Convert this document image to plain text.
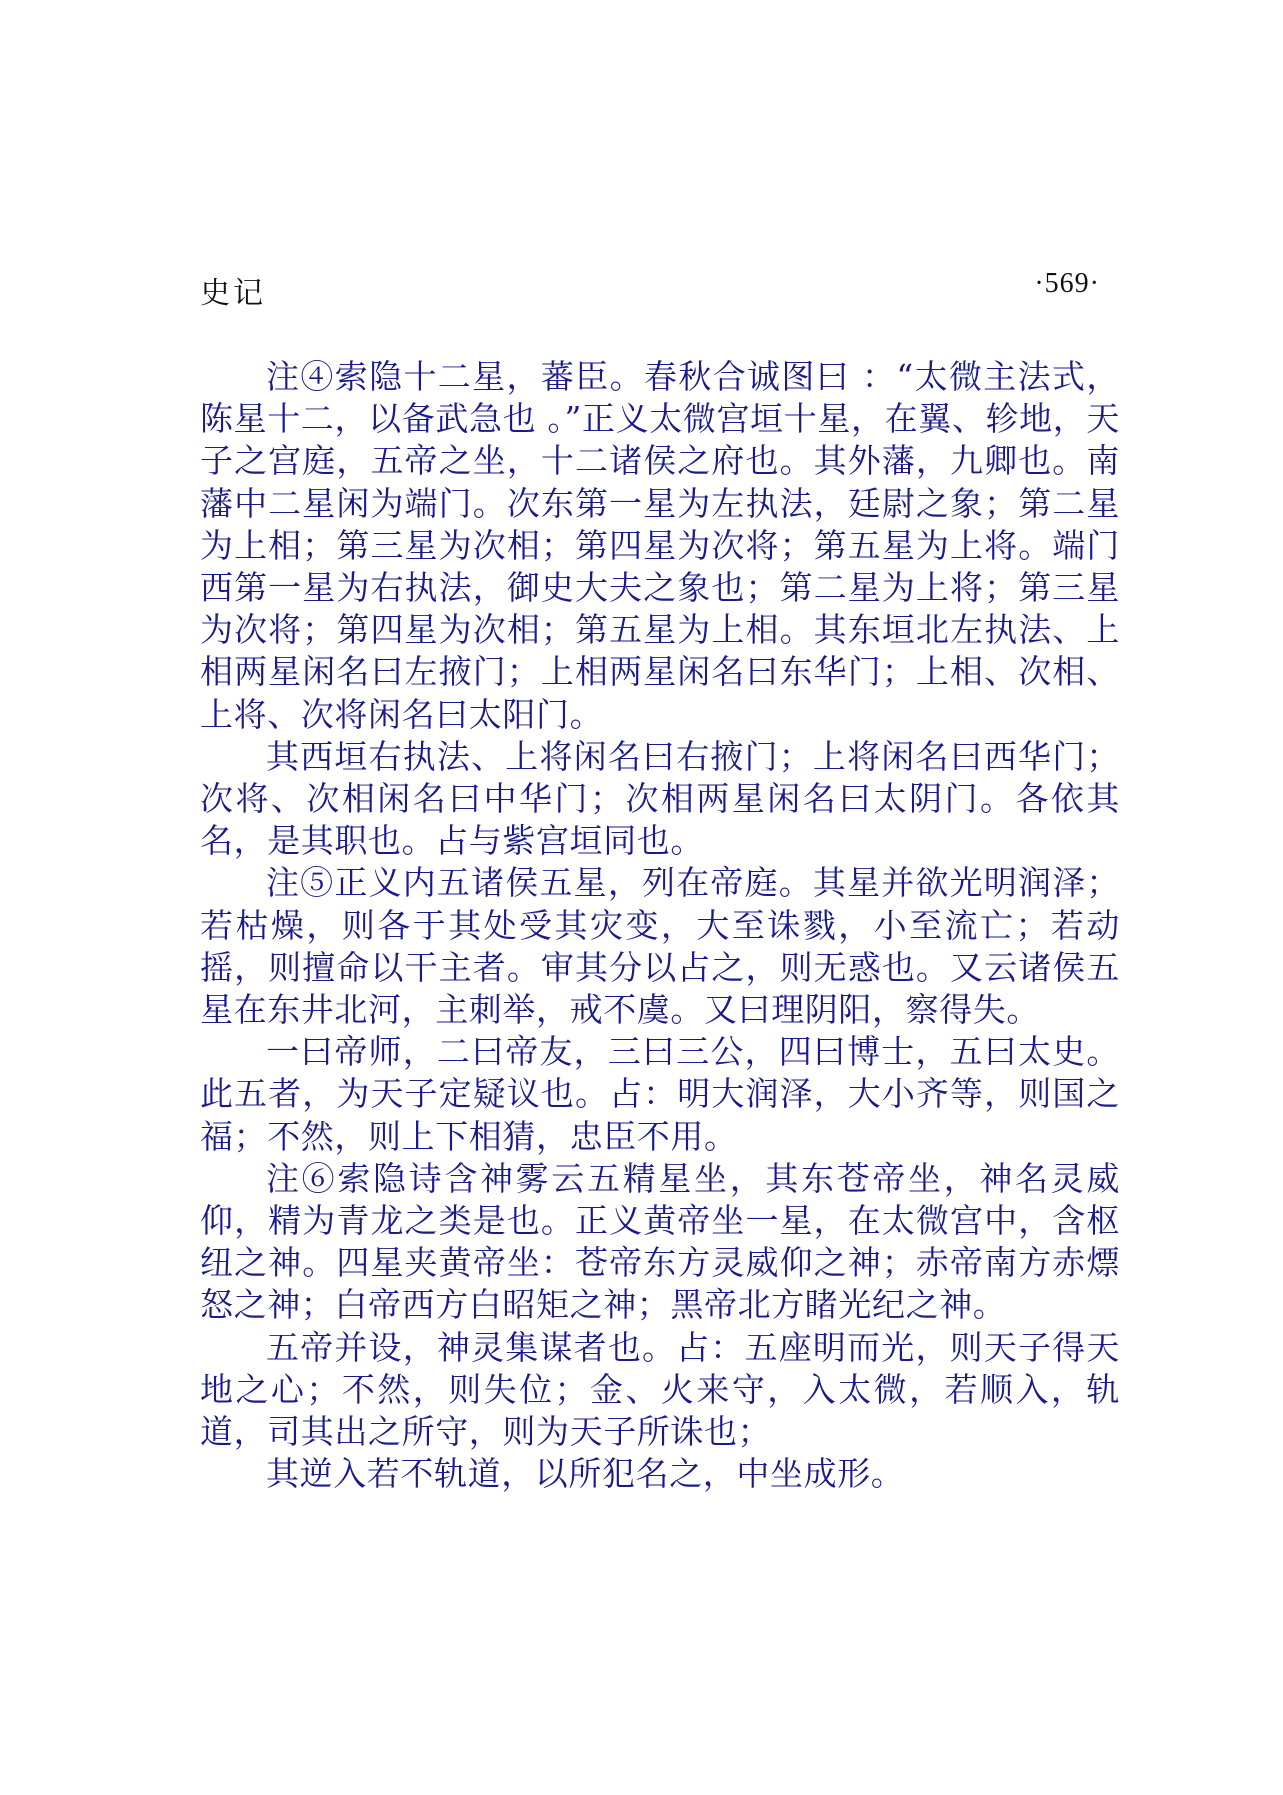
史记	·569·

注④索隐十二星，蕃臣。春秋合诚图曰 ：“太微主法式，陈星十二，以备武急也 。”正义太微宫垣十星，在翼、轸地，天子之宫庭，五帝之坐，十二诸侯之府也。其外藩，九卿也。南藩中二星闲为端门。次东第一星为左执法，廷尉之象；第二星为上相；第三星为次相；第四星为次将；第五星为上将。端门西第一星为右执法，御史大夫之象也；第二星为上将；第三星为次将；第四星为次相；第五星为上相。其东垣北左执法、上相两星闲名曰左掖门；上相两星闲名曰东华门；上相、次相、上将、次将闲名曰太阳门。

其西垣右执法、上将闲名曰右掖门；上将闲名曰西华门；次将、次相闲名曰中华门；次相两星闲名曰太阴门。各依其名，是其职也。占与紫宫垣同也。

注⑤正义内五诸侯五星，列在帝庭。其星并欲光明润泽；若枯燥，则各于其处受其灾变，大至诛戮，小至流亡；若动摇，则擅命以干主者。审其分以占之，则无惑也。又云诸侯五星在东井北河，主刺举，戒不虞。又曰理阴阳，察得失。

一曰帝师，二曰帝友，三曰三公，四曰博士，五曰太史。此五者，为天子定疑议也。占：明大润泽，大小齐等，则国之福；不然，则上下相猜，忠臣不用。

注⑥索隐诗含神雾云五精星坐，其东苍帝坐，神名灵威仰，精为青龙之类是也。正义黄帝坐一星，在太微宫中，含枢纽之神。四星夹黄帝坐：苍帝东方灵威仰之神；赤帝南方赤熛怒之神；白帝西方白昭矩之神；黑帝北方睹光纪之神。

五帝并设，神灵集谋者也。占：五座明而光，则天子得天地之心；不然，则失位；金、火来守，入太微，若顺入，轨道，司其出之所守，则为天子所诛也；

其逆入若不轨道，以所犯名之，中坐成形。
